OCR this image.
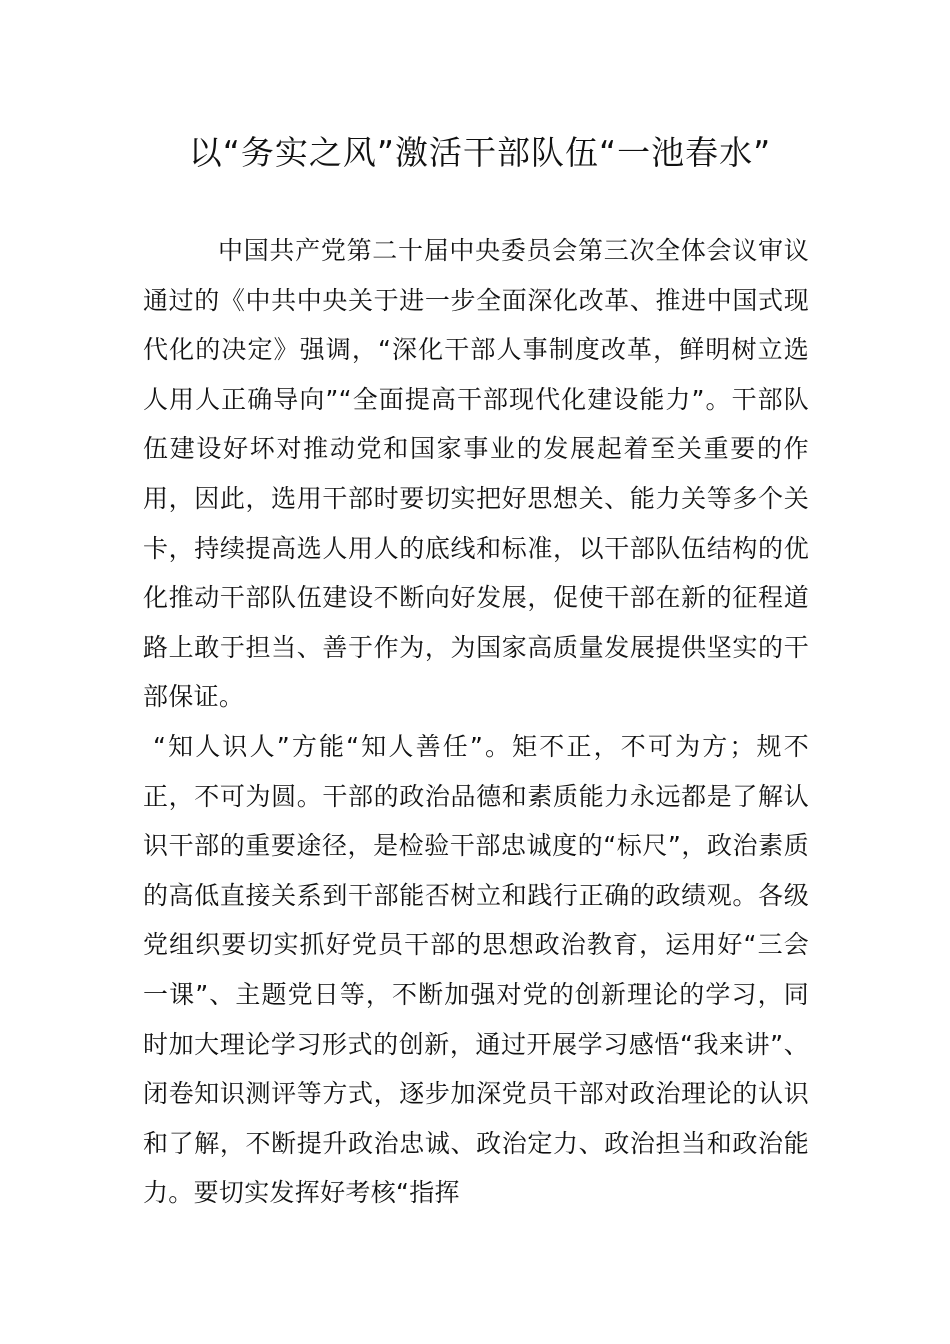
以“务实之风”激活干部队伍“一池春水”

中国共产党第二十届中央委员会第三次全体会议审议通过的《中共中央关于进一步全面深化改革、推进中国式现代化的决定》强调，“深化干部人事制度改革，鲜明树立选人用人正确导向”“全面提高干部现代化建设能力”。干部队伍建设好坏对推动党和国家事业的发展起着至关重要的作用，因此，选用干部时要切实把好思想关、能力关等多个关卡，持续提高选人用人的底线和标准，以干部队伍结构的优化推动干部队伍建设不断向好发展，促使干部在新的征程道路上敢于担当、善于作为，为国家高质量发展提供坚实的干部保证。

“知人识人”方能“知人善任”。矩不正，不可为方；规不正，不可为圆。干部的政治品德和素质能力永远都是了解认识干部的重要途径，是检验干部忠诚度的“标尺”，政治素质的高低直接关系到干部能否树立和践行正确的政绩观。各级党组织要切实抓好党员干部的思想政治教育，运用好“三会一课”、主题党日等，不断加强对党的创新理论的学习，同时加大理论学习形式的创新，通过开展学习感悟“我来讲”、闭卷知识测评等方式，逐步加深党员干部对政治理论的认识和了解，不断提升政治忠诚、政治定力、政治担当和政治能力。要切实发挥好考核“指挥
